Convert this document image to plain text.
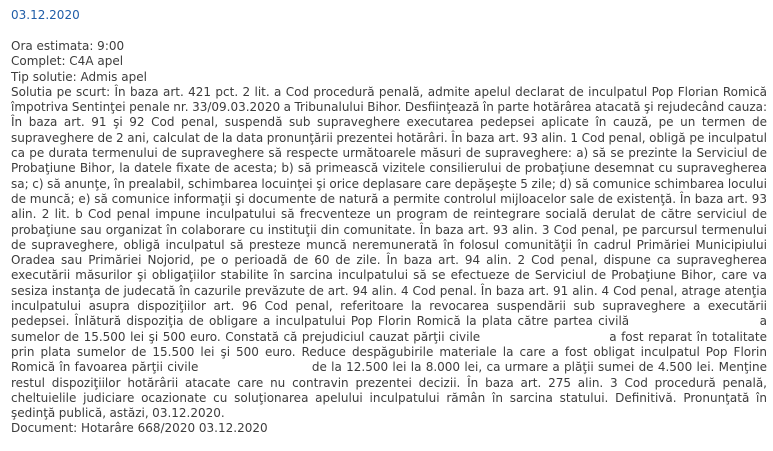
03.12.2020
Ora estimata: 9:00
Complet: C4A apel
Tip solutie: Admis apel
Solutia pe scurt: În baza art. 421 pct. 2 lit. a Cod procedură penală, admite apelul declarat de inculpatul Pop Florian Romică împotriva Sentinţei penale nr. 33/09.03.2020 a Tribunalului Bihor. Desfiinţează în parte hotărârea atacată şi rejudecând cauza: În baza art. 91 şi 92 Cod penal, suspendă sub supraveghere executarea pedepsei aplicate în cauză, pe un termen de supraveghere de 2 ani, calculat de la data pronunţării prezentei hotărâri. În baza art. 93 alin. 1 Cod penal, obligă pe inculpatul ca pe durata termenului de supraveghere să respecte următoarele măsuri de supraveghere: a) să se prezinte la Serviciul de Probaţiune Bihor, la datele fixate de acesta; b) să primească vizitele consilierului de probaţiune desemnat cu supravegherea sa; c) să anunţe, în prealabil, schimbarea locuinţei şi orice deplasare care depăşeşte 5 zile; d) să comunice schimbarea locului de muncă; e) să comunice informaţii şi documente de natură a permite controlul mijloacelor sale de existenţă. În baza art. 93 alin. 2 lit. b Cod penal impune inculpatului să frecventeze un program de reintegrare socială derulat de către serviciul de probaţiune sau organizat în colaborare cu instituţii din comunitate. În baza art. 93 alin. 3 Cod penal, pe parcursul termenului de supraveghere, obligă inculpatul să presteze muncă neremunerată în folosul comunităţii în cadrul Primăriei Municipiului Oradea sau Primăriei Nojorid, pe o perioadă de 60 de zile. În baza art. 94 alin. 2 Cod penal, dispune ca supravegherea executării măsurilor şi obligaţiilor stabilite în sarcina inculpatului să se efectueze de Serviciul de Probaţiune Bihor, care va sesiza instanţa de judecată în cazurile prevăzute de art. 94 alin. 4 Cod penal. În baza art. 91 alin. 4 Cod penal, atrage atenţia inculpatului asupra dispoziţiilor art. 96 Cod penal, referitoare la revocarea suspendării sub supraveghere a executării pedepsei. Înlătură dispoziţia de obligare a inculpatului Pop Florin Romică la plata către partea civilă	a sumelor de 15.500 lei şi 500 euro. Constată că prejudiciul cauzat părţii civile	a fost reparat în totalitate prin plata sumelor de 15.500 lei şi 500 euro. Reduce despăgubirile materiale la care a fost obligat inculpatul Pop Florin Romică în favoarea părţii civile	de la 12.500 lei la 8.000 lei, ca urmare a plăţii sumei de 4.500 lei. Menţine restul dispoziţiilor hotărârii atacate care nu contravin prezentei decizii. În baza art. 275 alin. 3 Cod procedură penală, cheltuielile judiciare ocazionate cu soluţionarea apelului inculpatului rămân în sarcina statului. Definitivă. Pronunţată în şedinţă publică, astăzi, 03.12.2020.
Document: Hotarâre 668/2020 03.12.2020
